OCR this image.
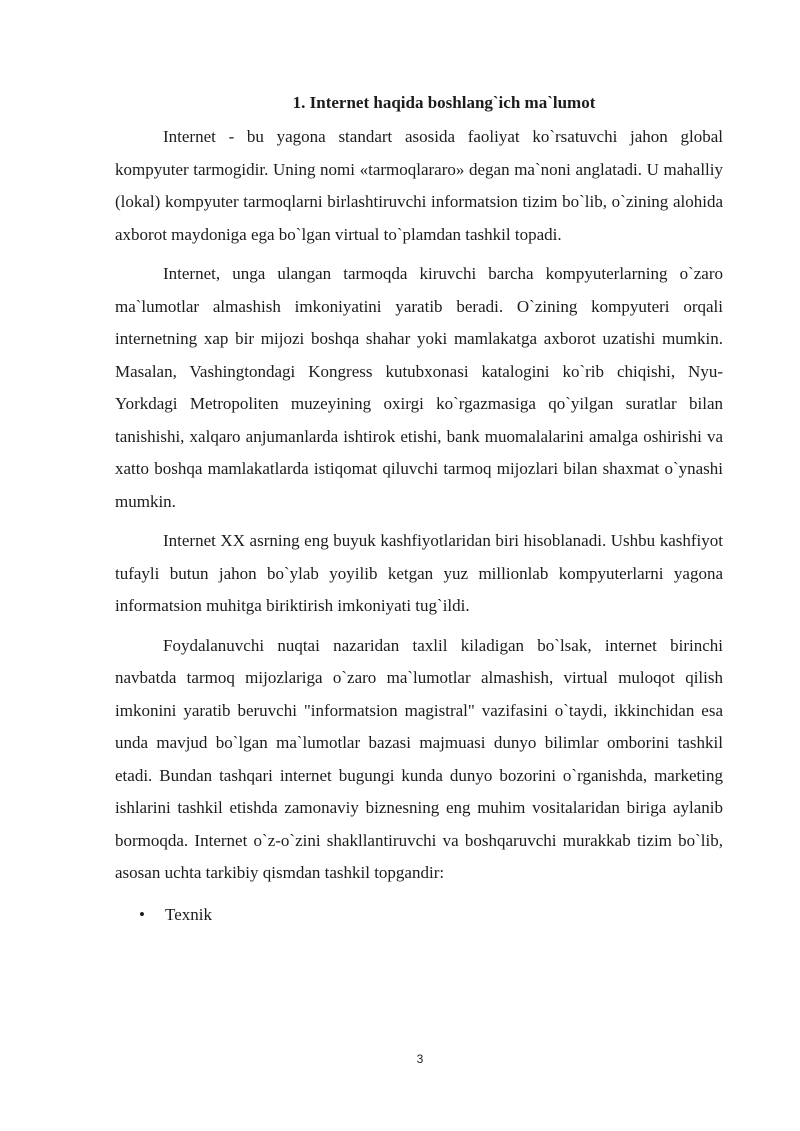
1. Internet haqida boshlang`ich ma`lumot

Internet - bu yagona standart asosida faoliyat ko`rsatuvchi jahon global kompyuter tarmogidir. Uning nomi «tarmoqlararo» degan ma`noni anglatadi. U mahalliy (lokal) kompyuter tarmoqlarni birlashtiruvchi informatsion tizim bo`lib, o`zining alohida axborot maydoniga ega bo`lgan virtual to`plamdan tashkil topadi.

Internet, unga ulangan tarmoqda kiruvchi barcha kompyuterlarning o`zaro ma`lumotlar almashish imkoniyatini yaratib beradi. O`zining kompyuteri orqali internetning xap bir mijozi boshqa shahar yoki mamlakatga axborot uzatishi mumkin. Masalan, Vashingtondagi Kongress kutubxonasi katalogini ko`rib chiqishi, Nyu-Yorkdagi Metropoliten muzeyining oxirgi ko`rgazmasiga qo`yilgan suratlar bilan tanishishi, xalqaro anjumanlarda ishtirok etishi, bank muomalalarini amalga oshirishi va xatto boshqa mamlakatlarda istiqomat qiluvchi tarmoq mijozlari bilan shaxmat o`ynashi mumkin.

Internet XX asrning eng buyuk kashfiyotlaridan biri hisoblanadi. Ushbu kashfiyot tufayli butun jahon bo`ylab yoyilib ketgan yuz millionlab kompyuterlarni yagona informatsion muhitga biriktirish imkoniyati tug`ildi.

Foydalanuvchi nuqtai nazaridan taxlil kiladigan bo`lsak, internet birinchi navbatda tarmoq mijozlariga o`zaro ma`lumotlar almashish, virtual muloqot qilish imkonini yaratib beruvchi "informatsion magistral" vazifasini o`taydi, ikkinchidan esa unda mavjud bo`lgan ma`lumotlar bazasi majmuasi dunyo bilimlar omborini tashkil etadi. Bundan tashqari internet bugungi kunda dunyo bozorini o`rganishda, marketing ishlarini tashkil etishda zamonaviy biznesning eng muhim vositalaridan biriga aylanib bormoqda. Internet o`z-o`zini shakllantiruvchi va boshqaruvchi murakkab tizim bo`lib, asosan uchta tarkibiy qismdan tashkil topgandir:

• Texnik
3
